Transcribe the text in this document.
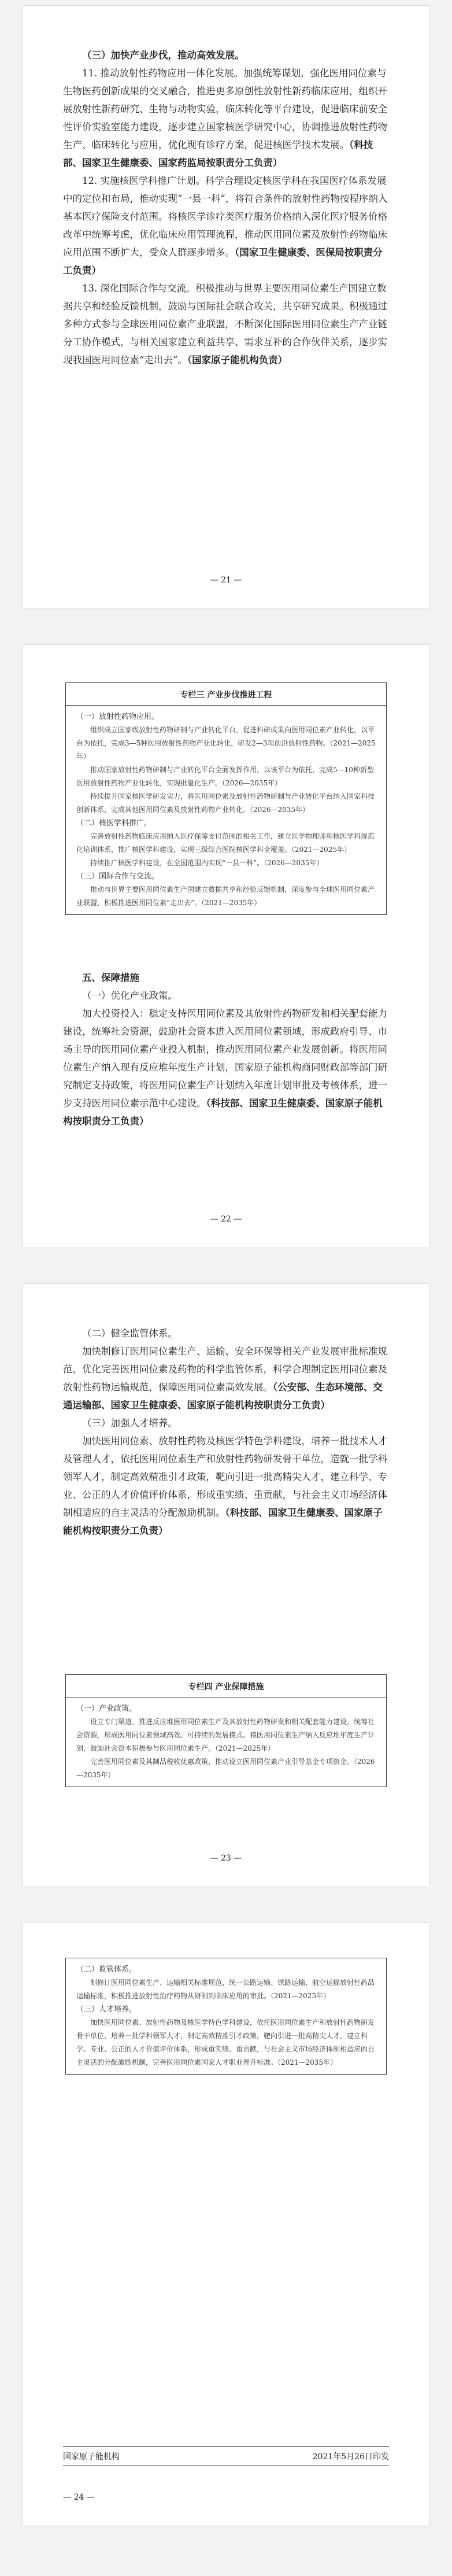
（三）加快产业步伐，推动高效发展。

11. 推动放射性药物应用一体化发展。加强统筹谋划，强化医用同位素与生物医药创新成果的交叉融合，推进更多原创性放射性新药临床应用，组织开展放射性新药研究、生物与动物实验，临床转化等平台建设，促进临床前安全性评价实验室能力建设，逐步建立国家核医学研究中心，协调推进放射性药物生产、临床转化与应用，优化现有诊疗方案，促进核医学技术发展。（科技部、国家卫生健康委、国家药监局按职责分工负责）

12. 实施核医学科推广计划。科学合理设定核医学科在我国医疗体系发展中的定位和布局，推动实现“一县一科”，将符合条件的放射性药物按程序纳入基本医疗保险支付范围。将核医学诊疗类医疗服务价格纳入深化医疗服务价格改革中统筹考虑，优化临床应用管理流程，推动医用同位素及放射性药物临床应用范围不断扩大，受众人群逐步增多。（国家卫生健康委、医保局按职责分工负责）

13. 深化国际合作与交流。积极推动与世界主要医用同位素生产国建立数据共享和经验反馈机制，鼓励与国际社会联合攻关，共享研究成果。积极通过多种方式参与全球医用同位素产业联盟，不断深化国际医用同位素生产产业链分工协作模式，与相关国家建立利益共享、需求互补的合作伙伴关系，逐步实现我国医用同位素“走出去”。（国家原子能机构负责）

— 21 —
专栏三 产业步伐推进工程

（一）放射性药物应用。

组织成立国家级放射性药物研制与产业转化平台，促进科研成果向医用同位素产业转化，以平台为依托，完成3—5种医用放射性药物产业化转化，研发2—3项前沿放射性药物。（2021—2025年）

推动国家放射性药物研制与产业转化平台全面发挥作用，以该平台为依托，完成5—10种新型医用放射性药物产业化转化，实现批量化生产。（2026—2035年）

持续提升国家核医学研发实力，将医用同位素及放射性药物研制与产业转化平台纳入国家科技创新体系，完成其他医用同位素及放射性药物产业转化。（2026—2035年）

（二）核医学科推广。

完善放射性药物临床应用纳入医疗保障支付范围的相关工作，建立医学物理师和核医学科规范化培训体系，推广核医学科建设，实现三级综合医院核医学科全覆盖。（2021—2025年）

持续推广核医学科建设，在全国范围内实现“一县一科”。（2026—2035年）

（三）国际合作与交流。

推动与世界主要医用同位素生产国建立数据共享和经验反馈机制，深度参与全球医用同位素产业联盟，积极推进医用同位素“走出去”。（2021—2035年）

五、保障措施

（一）优化产业政策。

加大投资投入：稳定支持医用同位素及其放射性药物研发和相关配套能力建设，统筹社会资源，鼓励社会资本进入医用同位素领域，形成政府引导、市场主导的医用同位素产业投入机制，推动医用同位素产业发展创新。将医用同位素生产纳入现有反应堆年度生产计划，国家原子能机构商同财政部等部门研究制定支持政策，将医用同位素生产计划纳入年度计划审批及考核体系，进一步支持医用同位素示范中心建设。（科技部、国家卫生健康委、国家原子能机构按职责分工负责）

— 22 —

（二）健全监管体系。

加快制修订医用同位素生产、运输、安全环保等相关产业发展审批标准规范，优化完善医用同位素及药物的科学监管体系，科学合理制定医用同位素及放射性药物运输规范，保障医用同位素高效发展。（公安部、生态环境部、交通运输部、国家卫生健康委、国家原子能机构按职责分工负责）

（三）加强人才培养。

加快医用同位素、放射性药物及核医学特色学科建设，培养一批技术人才及管理人才，依托医用同位素生产和放射性药物研发骨干单位，造就一批学科领军人才，制定高效精准引才政策，靶向引进一批高精尖人才，建立科学、专业、公正的人才价值评价体系，形成重实绩、重贡献，与社会主义市场经济体制相适应的自主灵活的分配激励机制。（科技部、国家卫生健康委、国家原子能机构按职责分工负责）

专栏四 产业保障措施

（一）产业政策。

设立专门渠道，推进反应堆医用同位素生产及其放射性药物研发和相关配套能力建设，统筹社会资源，形成医用同位素领域高效、可持续的发展模式。将医用同位素生产纳入反应堆年度生产计划，鼓励社会资本积极参与医用同位素生产。（2021—2025年）

完善医用同位素及其制品税收优惠政策，推动设立医用同位素产业引导基金专项资金。（2026—2035年）

— 23 —

（二）监管体系。

制修订医用同位素生产、运输相关标准规范，统一公路运输、铁路运输、航空运输放射性药品运输标准，积极推进放射性治疗药物从研制到临床应用的审批。（2021—2025年）

（三）人才培养。

加快医用同位素、放射性药物及核医学特色学科建设，依托医用同位素生产和放射性药物研发骨干单位，培养一批学科领军人才，制定高效精准引才政策，靶向引进一批高精尖人才，建立科学、专业、公正的人才价值评价体系，形成重实绩、重贡献，与社会主义市场经济体制相适应的自主灵活的分配激励机制，完善医用同位素国家人才职业晋升标准。（2021—2035年）

国家原子能机构	2021年5月26日印发
— 24 —
